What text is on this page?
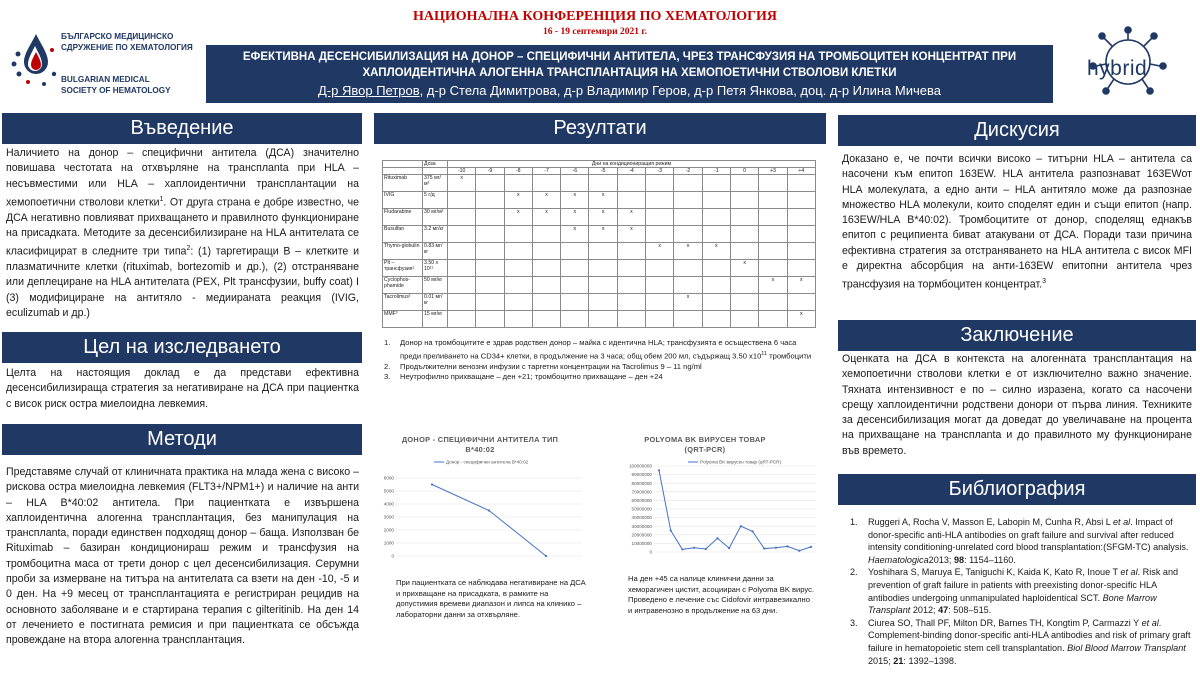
НАЦИОНАЛНА КОНФЕРЕНЦИЯ ПО ХЕМАТОЛОГИЯ
16 - 19 септември 2021 г.
БЪЛГАРСКО МЕДИЦИНСКО
СДРУЖЕНИЕ ПО ХЕМАТОЛОГИЯ
BULGARIAN MEDICAL
SOCIETY OF HEMATOLOGY
ЕФЕКТИВНА ДЕСЕНСИБИЛИЗАЦИЯ НА ДОНОР – СПЕЦИФИЧНИ АНТИТЕЛА, ЧРЕЗ ТРАНСФУЗИЯ НА ТРОМБОЦИТЕН КОНЦЕНТРАТ ПРИ
ХАПЛОИДЕНТИЧНА АЛОГЕННА ТРАНСПЛАНТАЦИЯ НА ХЕМОПОЕТИЧНИ СТВОЛОВИ КЛЕТКИ
Д-р Явор Петров, д-р Стела Димитрова, д-р Владимир Геров, д-р Петя Янкова, доц. д-р Илина Мичева
hybrid
Въведение
Наличието на донор – специфични антитела (ДСА) значително повишава честотата на отхвърляне на трансплanta при HLA – несъвместими или HLA – хаплоидентични трансплантации на хемопоетични стволови клетки$^1$. От друга страна е добре известно, че ДСА негативно повлияват прихващането и правилното функциониране на присадката. Методите за десенсибилизиране на HLA антителата се класифицират в следните три типа$^2$: (1) таргетиращи В – клетките и плазматичните клетки (rituximab, bortezomib и др.), (2) отстраняване или деплециране на HLA антителата (PEX, Plt трансфузии, buffy coat) I (3) модифициране на антитяло - медиираната реакция (IVIG, eculizumab и др.)
Цел на изследването
Целта на настоящия доклад е да представи ефективна десенсибилизираща стратегия за негативиране на ДСА при пациентка с висок риск остра миелоидна левкемия.
Методи
Представяме случай от клиничната практика на млада жена с високо – рискова остра миелоидна левкемия (FLT3+/NPM1+) и наличие на анти – HLA B*40:02 антитела. При пациентката е извършена хаплоидентична алогенна трансплантация, без манипулация на трансплanta, поради единствен подходящ донор – баща. Използван бе Rituximab – базиран кондиционираш режим и трансфузия на тромбоцитна маса от трети донор с цел десенсибилизация. Серумни проби за измерване на титъра на антителата са взети на ден -10, -5 и 0 ден. На +9 месец от трансплантацията е регистриран рецидив на основното заболяване и е стартирана терапия с gilteritinib. На ден 14 от лечението е постигната ремисия и при пациентката се обсъжда провеждане на втора алогенна трансплантация.
Резултати
	Доза	Дни на кондициониращия режим												
		-10	-9	-8	-7	-6	-5	-4	-3	-2	-1	0	+3	+4
Rituximab	375 мг/м²	x												
IVIG	5 г/д			x	x	x	x							
Fludarabine	30 мг/м²			x	x	x	x	x						
Busulfan	3.2 мг/кг					x	x	x						
Thymo-globulin	0.83 мг/кг								x	x	x			
Plt – трансфузия¹	3.50 х 10¹¹											x		
Cyclophos-phamide	50 мг/кг												x	x
Tacrolimus²	0.01 мг/кг									x				
MMF³	15 мг/кг													x
1. Донор на тромбоцитите е здрав родствен донор – майка с идентична HLA; трансфузията е осъществена 6 часа преди преливането на CD34+ клетки, в продължение на 3 часа; общ обем 200 мл, съдържащ 3.50 $х10^{11}$ тромбоцити
2. Продължителни венозни инфузии с таргетни концентрации на Tacrolimus 9 – 11 ng/ml
3. Неутрофилно прихващане – ден +21; тромбоцитно прихващане – ден +24
ДОНОР - СПЕЦИФИЧНИ АНТИТЕЛА ТИП B*40:02
0
1000
2000
3000
4000
5000
6000
Донор - специфични антитела B*40:02
POLYOMA BK ВИРУСЕН ТОВАР (QRT-PCR)
0
10000000
20000000
30000000
40000000
50000000
60000000
70000000
80000000
90000000
100000000
Polyoma BK вирусен товар (qRT-PCR)
При пациентката се наблюдава негативиране на ДСА и прихващане на присадката, в рамките на допустимия времеви диапазон и липса на клинико – лабораторни данни за отхвърляне.
На ден +45 са налице клинични данни за хеморагичен цистит, асоцииран с Polyoma BK вирус. Проведено е лечение със Cidofovir интравезикално и интравенозно в продължение на 63 дни.
Дискусия
Доказано е, че почти всички високо – титърни HLA – антитела са насочени към епитоп 163EW. HLA антитела разпознават 163EWот HLA молекулата, а едно анти – HLA антитяло може да разпознае множество HLA молекули, които споделят един и същи епитоп (напр. 163EW/HLA B*40:02). Тромбоцитите от донор, споделящ еднакъв епитоп с реципиента биват атакувани от ДСА. Поради тази причина ефективна стратегия за отстраняването на HLA антитела с висок MFI е директна абсорбция на анти-163EW епитопни антитела чрез трансфузия на тормбоцитен концентрат.$^3$
Заключение
Оценката на ДСА в контекста на алогенната трансплантация на хемопоетични стволови клетки е от изключително важно значение. Тяхната интензивност е по – силно изразена, когато са насочени срещу хаплоидентични родствени донори от първа линия. Техниките за десенсибилизация могат да доведат до увеличаване на процента на прихващане на трансплanta и до правилното му функциониране във времето.
Библиография
1. Ruggeri A, Rocha V, Masson E, Labopin M, Cunha R, Absi L et al. Impact of donor-specific anti-HLA antibodies on graft failure and survival after reduced intensity conditioning-unrelated cord blood transplantation:(SFGM-TC) analysis. Haematologica2013; 98: 1154–1160.
2. Yoshihara S, Maruya E, Taniguchi K, Kaida K, Kato R, Inoue T et al. Risk and prevention of graft failure in patients with preexisting donor-specific HLA antibodies undergoing unmanipulated haploidentical SCT. Bone Marrow Transplant 2012; 47: 508–515.
3. Ciurea SO, Thall PF, Milton DR, Barnes TH, Kongtim P, Carmazzi Y et al. Complement-binding donor-specific anti-HLA antibodies and risk of primary graft failure in hematopoietic stem cell transplantation. Biol Blood Marrow Transplant 2015; 21: 1392–1398.
